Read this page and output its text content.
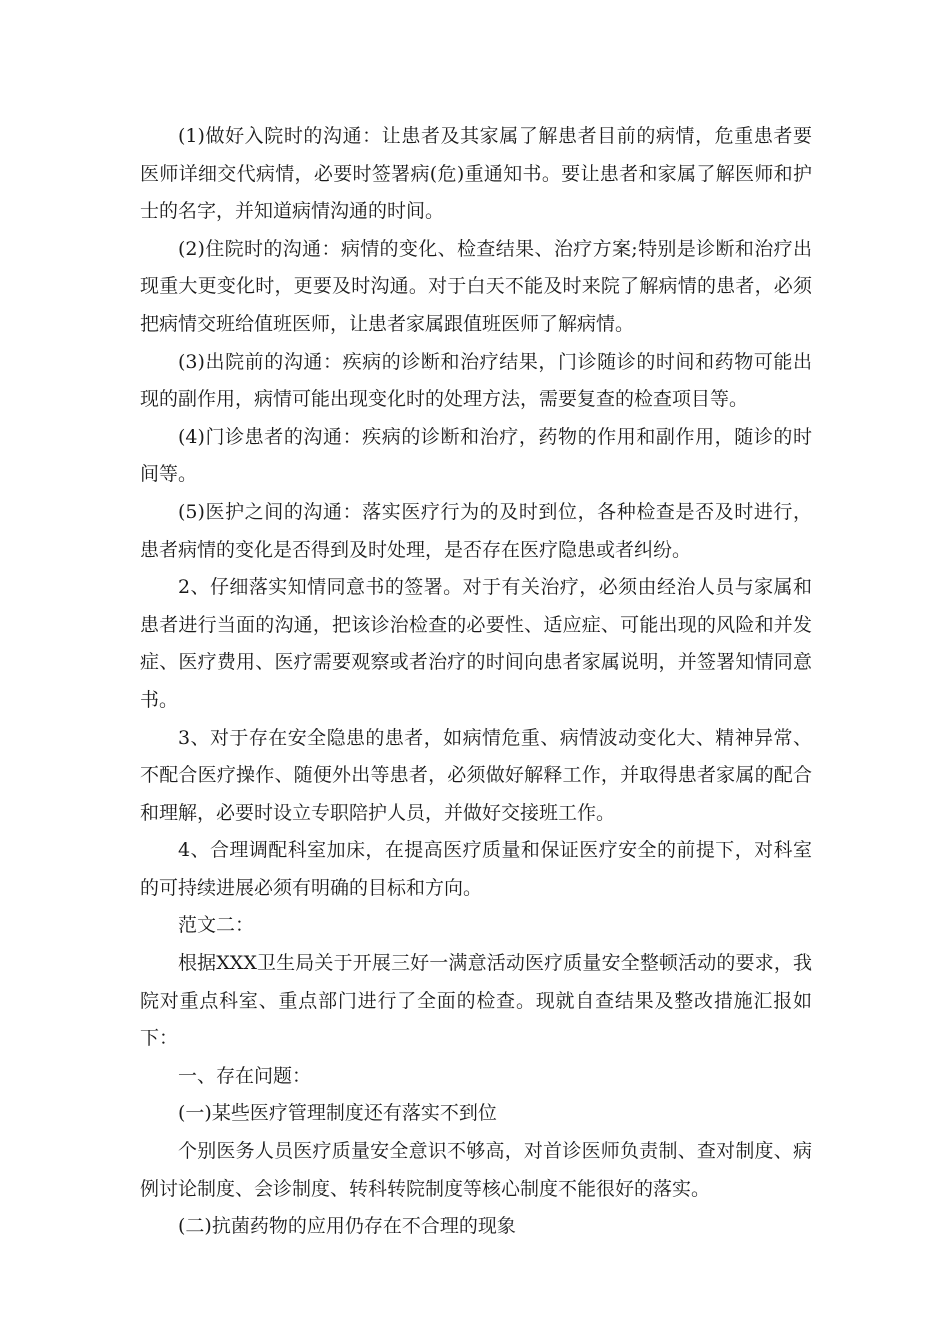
(1)做好入院时的沟通：让患者及其家属了解患者目前的病情，危重患者要医师详细交代病情，必要时签署病(危)重通知书。要让患者和家属了解医师和护士的名字，并知道病情沟通的时间。

(2)住院时的沟通：病情的变化、检查结果、治疗方案;特别是诊断和治疗出现重大更变化时，更要及时沟通。对于白天不能及时来院了解病情的患者，必须把病情交班给值班医师，让患者家属跟值班医师了解病情。

(3)出院前的沟通：疾病的诊断和治疗结果，门诊随诊的时间和药物可能出现的副作用，病情可能出现变化时的处理方法，需要复查的检查项目等。

(4)门诊患者的沟通：疾病的诊断和治疗，药物的作用和副作用，随诊的时间等。

(5)医护之间的沟通：落实医疗行为的及时到位，各种检查是否及时进行，患者病情的变化是否得到及时处理，是否存在医疗隐患或者纠纷。

2、仔细落实知情同意书的签署。对于有关治疗，必须由经治人员与家属和患者进行当面的沟通，把该诊治检查的必要性、适应症、可能出现的风险和并发症、医疗费用、医疗需要观察或者治疗的时间向患者家属说明，并签署知情同意书。

3、对于存在安全隐患的患者，如病情危重、病情波动变化大、精神异常、不配合医疗操作、随便外出等患者，必须做好解释工作，并取得患者家属的配合和理解，必要时设立专职陪护人员，并做好交接班工作。

4、合理调配科室加床，在提高医疗质量和保证医疗安全的前提下，对科室的可持续进展必须有明确的目标和方向。

范文二：

根据XXX卫生局关于开展三好一满意活动医疗质量安全整顿活动的要求，我院对重点科室、重点部门进行了全面的检查。现就自查结果及整改措施汇报如下：

一、存在问题：

(一)某些医疗管理制度还有落实不到位

个别医务人员医疗质量安全意识不够高，对首诊医师负责制、查对制度、病例讨论制度、会诊制度、转科转院制度等核心制度不能很好的落实。

(二)抗菌药物的应用仍存在不合理的现象
